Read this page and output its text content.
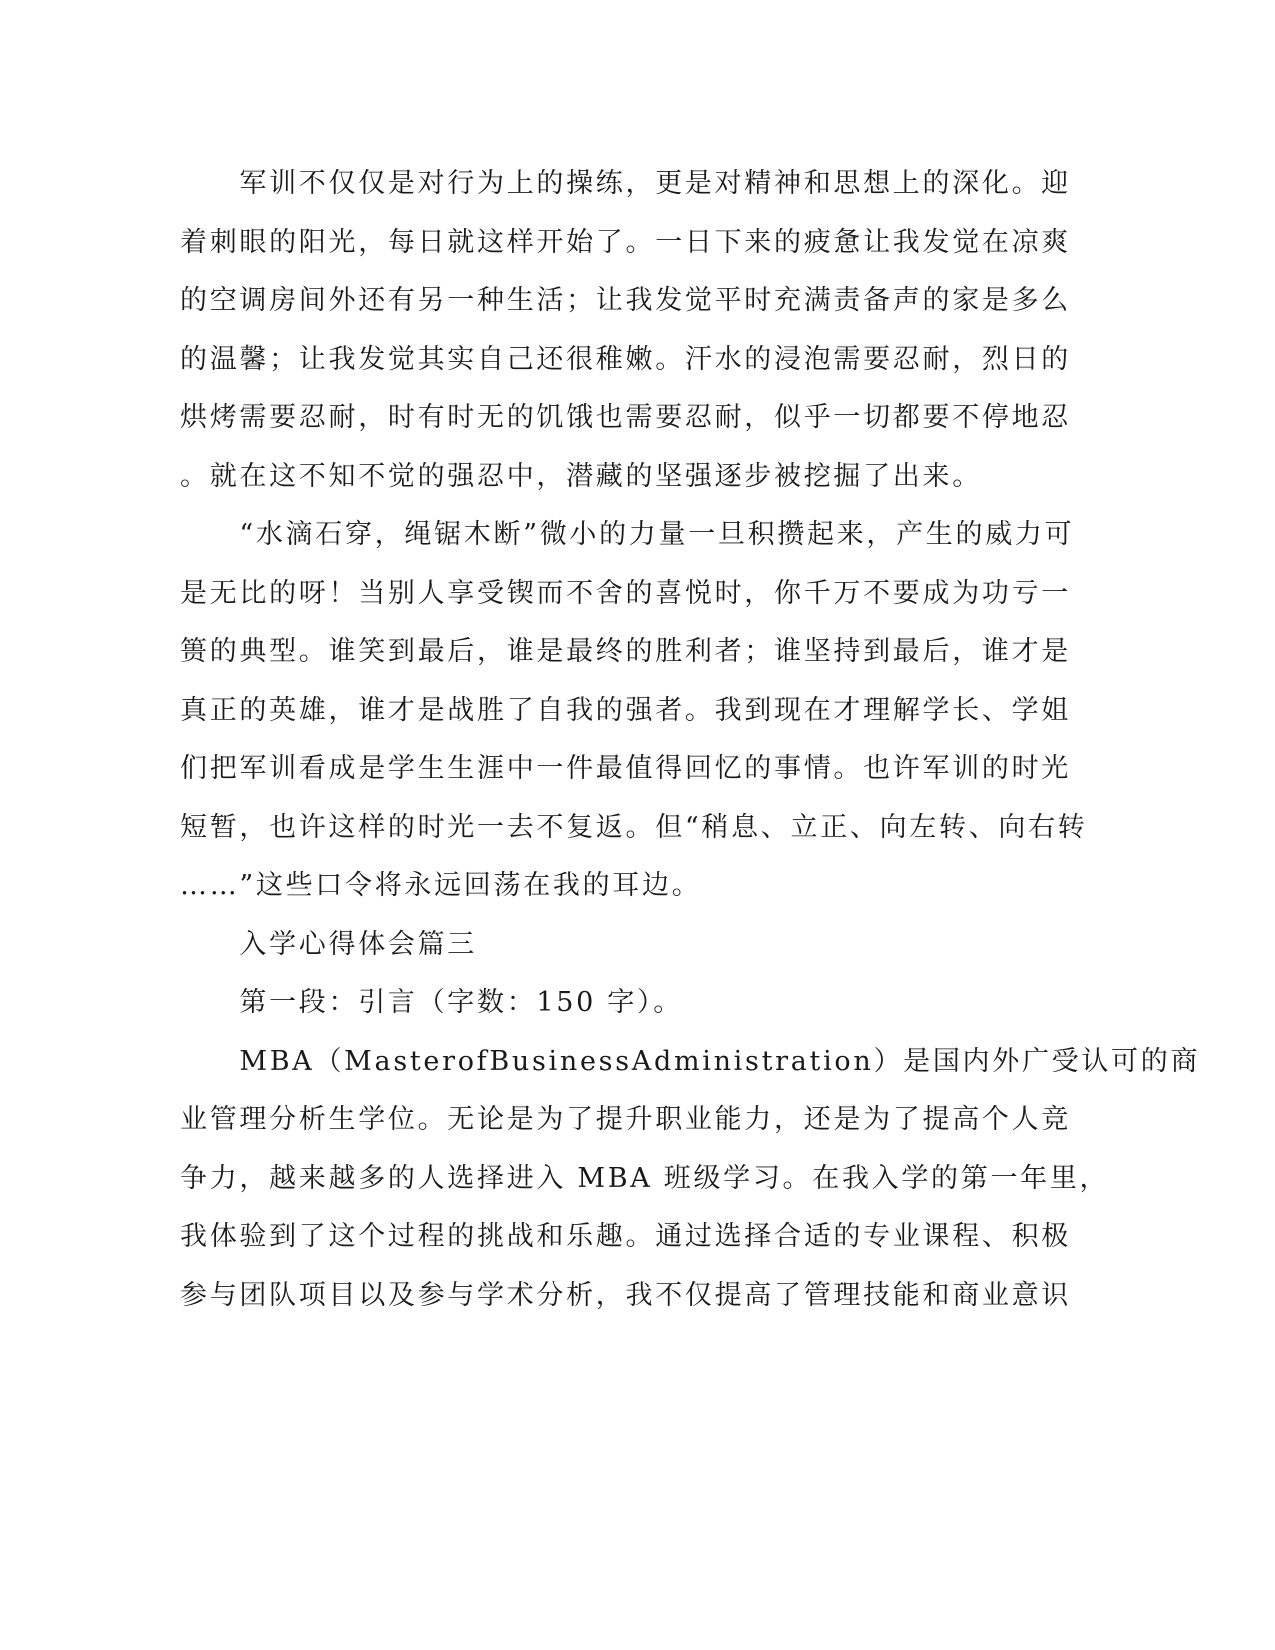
　　军训不仅仅是对行为上的操练，更是对精神和思想上的深化。迎
着刺眼的阳光，每日就这样开始了。一日下来的疲惫让我发觉在凉爽
的空调房间外还有另一种生活；让我发觉平时充满责备声的家是多么
的温馨；让我发觉其实自己还很稚嫩。汗水的浸泡需要忍耐，烈日的
烘烤需要忍耐，时有时无的饥饿也需要忍耐，似乎一切都要不停地忍
。就在这不知不觉的强忍中，潜藏的坚强逐步被挖掘了出来。
　　“水滴石穿，绳锯木断”微小的力量一旦积攒起来，产生的威力可
是无比的呀！当别人享受锲而不舍的喜悦时，你千万不要成为功亏一
篑的典型。谁笑到最后，谁是最终的胜利者；谁坚持到最后，谁才是
真正的英雄，谁才是战胜了自我的强者。我到现在才理解学长、学姐
们把军训看成是学生生涯中一件最值得回忆的事情。也许军训的时光
短暂，也许这样的时光一去不复返。但“稍息、立正、向左转、向右转
……”这些口令将永远回荡在我的耳边。
　　入学心得体会篇三
　　第一段：引言（字数：150 字）。
　　MBA（MasterofBusinessAdministration）是国内外广受认可的商
业管理分析生学位。无论是为了提升职业能力，还是为了提高个人竞
争力，越来越多的人选择进入 MBA 班级学习。在我入学的第一年里，
我体验到了这个过程的挑战和乐趣。通过选择合适的专业课程、积极
参与团队项目以及参与学术分析，我不仅提高了管理技能和商业意识
